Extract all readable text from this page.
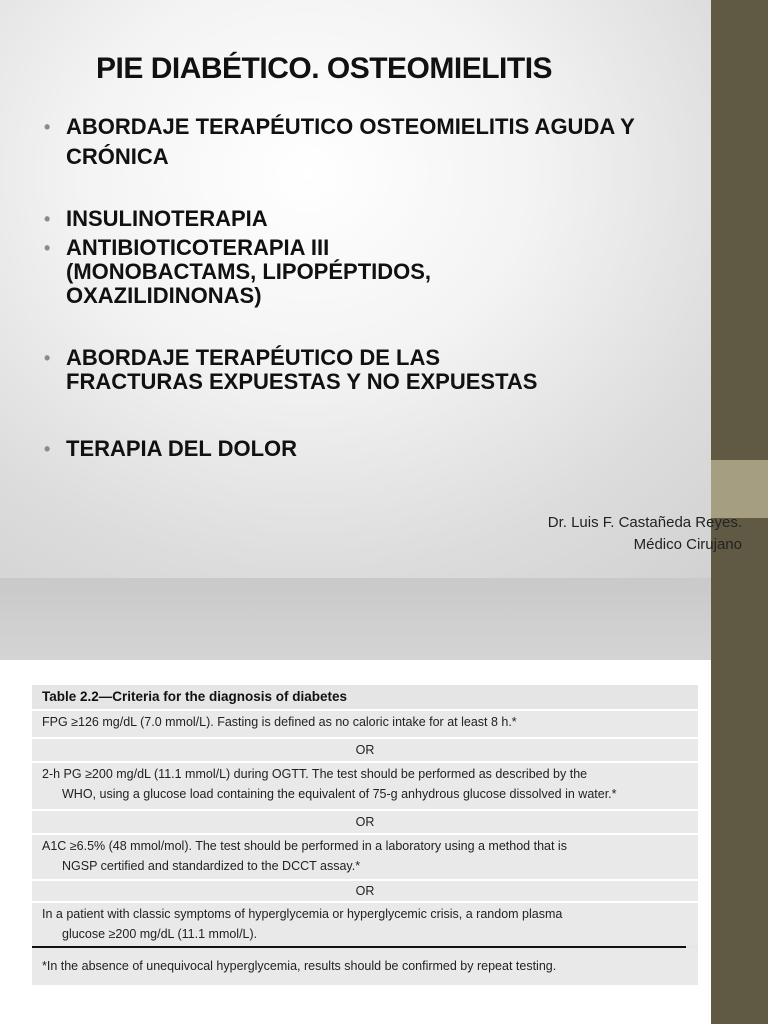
PIE DIABÉTICO. OSTEOMIELITIS
• ABORDAJE TERAPÉUTICO OSTEOMIELITIS AGUDA Y
CRÓNICA
• INSULINOTERAPIA
• ANTIBIOTICOTERAPIA III
(MONOBACTAMS, LIPOPÉPTIDOS,
OXAZILIDINONAS)
• ABORDAJE TERAPÉUTICO DE LAS
FRACTURAS EXPUESTAS Y NO EXPUESTAS
• TERAPIA DEL DOLOR
Dr. Luis F. Castañeda Reyes.
Médico Cirujano
Table 2.2—Criteria for the diagnosis of diabetes
FPG ≥126 mg/dL (7.0 mmol/L). Fasting is defined as no caloric intake for at least 8 h.*
OR
2-h PG ≥200 mg/dL (11.1 mmol/L) during OGTT. The test should be performed as described by the
WHO, using a glucose load containing the equivalent of 75-g anhydrous glucose dissolved in water.*
OR
A1C ≥6.5% (48 mmol/mol). The test should be performed in a laboratory using a method that is
NGSP certified and standardized to the DCCT assay.*
OR
In a patient with classic symptoms of hyperglycemia or hyperglycemic crisis, a random plasma
glucose ≥200 mg/dL (11.1 mmol/L).
*In the absence of unequivocal hyperglycemia, results should be confirmed by repeat testing.
